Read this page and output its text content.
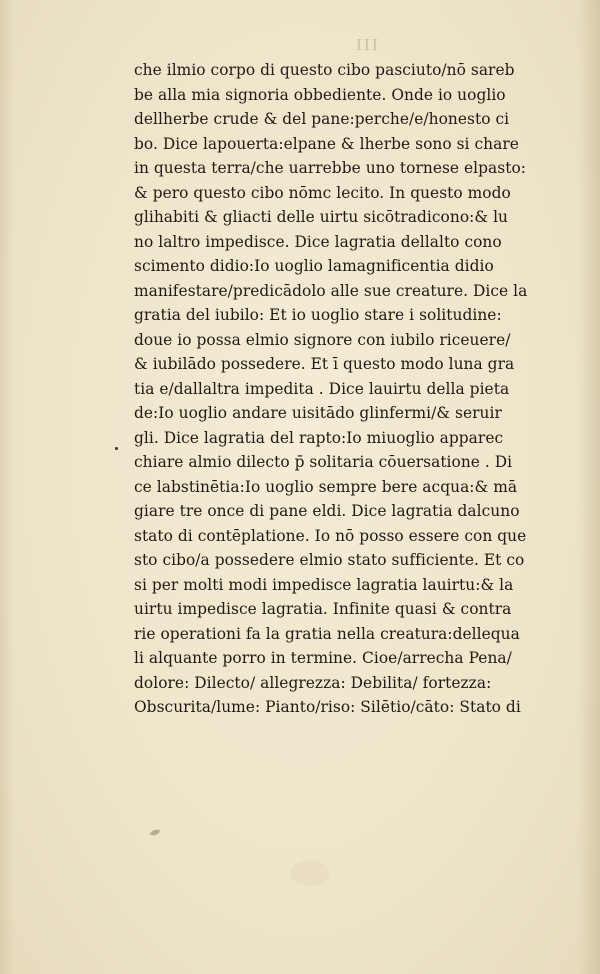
III
che ilmio corpo di questo cibo pasciuto/nō sareb
be alla mia signoria obbediente. Onde io uoglio
dellherbe crude & del pane:perche/e/honesto ci
bo. Dice lapouerta:elpane & lherbe sono si chare
in questa terra/che uarrebbe uno tornese elpasto:
& pero questo cibo nōmc lecito. In questo modo
glihabiti & gliacti delle uirtu sicōtradicono:& lu
no laltro impedisce. Dice lagratia dellalto cono
scimento didio:Io uoglio lamagnificentia didio
manifestare/predicādolo alle sue creature. Dice la
gratia del iubilo: Et io uoglio stare i solitudine:
doue io possa elmio signore con iubilo riceuere/
& iubilādo possedere. Et ī questo modo luna gra
tia e/dallaltra impedita . Dice lauirtu della pieta
de:Io uoglio andare uisitādo glinfermi/& seruir
gli. Dice lagratia del rapto:Io miuoglio apparec
chiare almio dilecto p̄ solitaria cōuersatione . Di
ce labstinētia:Io uoglio sempre bere acqua:& mā
giare tre once di pane eldi. Dice lagratia dalcuno
stato di contēplatione. Io nō posso essere con que
sto cibo/a possedere elmio stato sufficiente. Et co
si per molti modi impedisce lagratia lauirtu:& la
uirtu impedisce lagratia. Infinite quasi & contra
rie operationi fa la gratia nella creatura:dellequa
li alquante porro in termine. Cioe/arrecha Pena/
dolore: Dilecto/ allegrezza: Debilita/ fortezza:
Obscurita/lume: Pianto/riso: Silētio/cāto: Stato di
